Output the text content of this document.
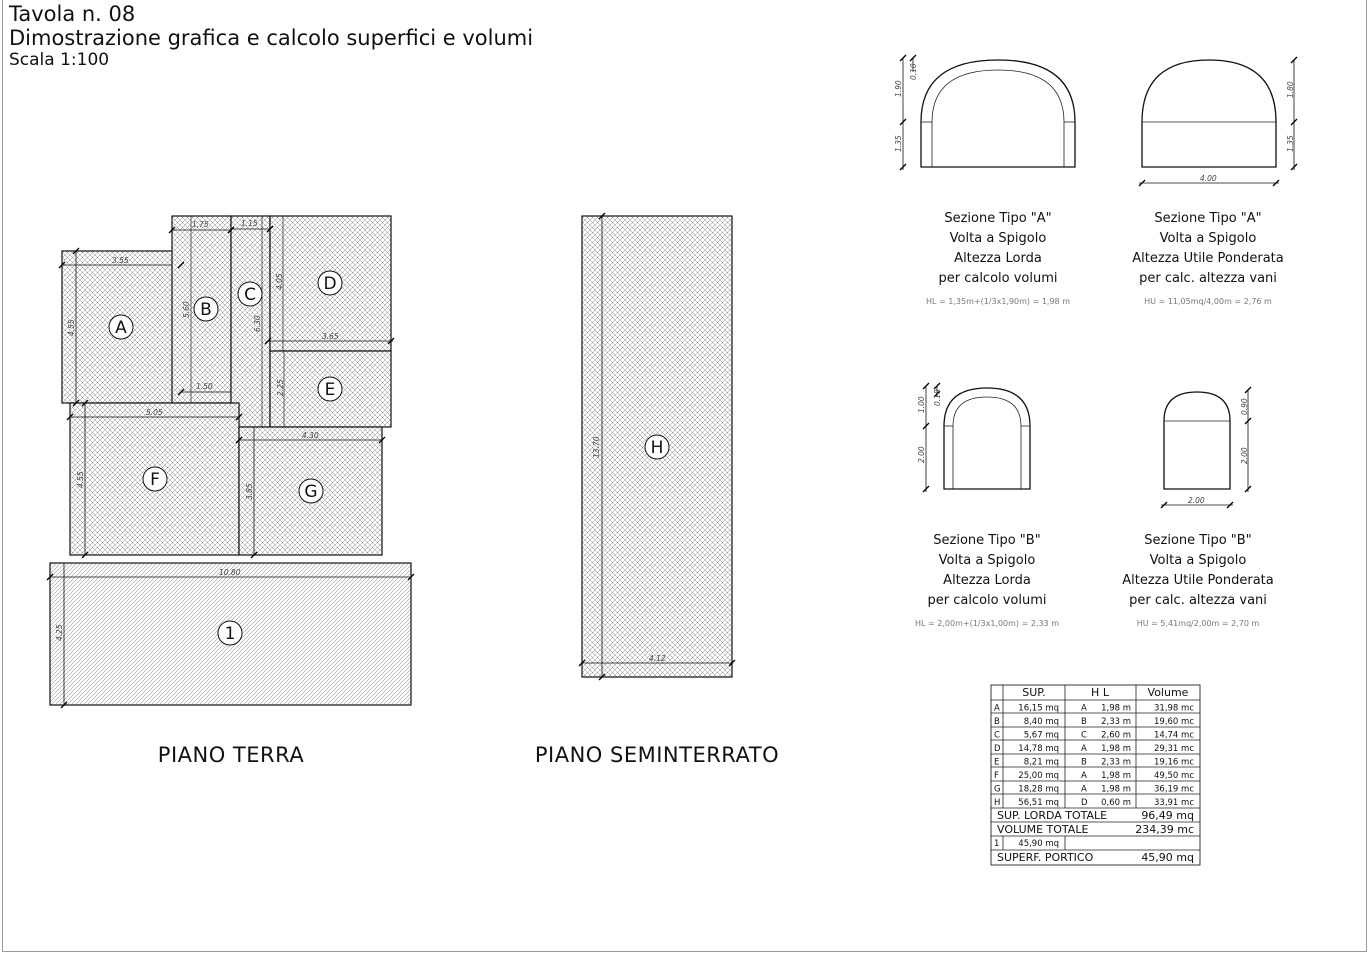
Tavola n. 08
Dimostrazione grafica e calcolo superfici e volumi
Scala 1:100
3.55
4.55
1.75
5.60
1.50
1.15
6.30
4.05
3.65
2.25
5.05
4.55
4.30
3.85
10.80
4.25
A
B
C
D
E
F
G
1
PIANO TERRA
13.70
4.12
H
PIANO SEMINTERRATO
1.90
0.10
1.35
Sezione Tipo "A"
Volta a Spigolo
Altezza Lorda
per calcolo volumi
HL = 1,35m+(1/3x1,90m) = 1,98 m
1.80
1.35
4.00
Sezione Tipo "A"
Volta a Spigolo
Altezza Utile Ponderata
per calc. altezza vani
HU = 11,05mq/4,00m = 2,76 m
1.00 0.10
2.00
Sezione Tipo "B"
Volta a Spigolo
Altezza Lorda
per calcolo volumi
HL = 2,00m+(1/3x1,00m) = 2,33 m
0.90
2.00
2.00
Sezione Tipo "B"
Volta a Spigolo
Altezza Utile Ponderata
per calc. altezza vani
HU = 5,41mq/2,00m = 2,70 m
SUP.	H L	Volume
A 16,15 mq	A 1,98 m	31,98 mc
B	8,40 mq	B 2,33 m	19,60 mc
C	5,67 mq	C 2,60 m	14,74 mc
D 14,78 mq	A 1,98 m	29,31 mc
E	8,21 mq	B 2,33 m	19,16 mc
F 25,00 mq	A 1,98 m	49,50 mc
G 18,28 mq	A 1,98 m	36,19 mc
H 56,51 mq	D 0,60 m	33,91 mc
SUP. LORDA TOTALE	96,49 mq
VOLUME TOTALE	234,39 mc
1 45,90 mq
SUPERF. PORTICO	45,90 mq
